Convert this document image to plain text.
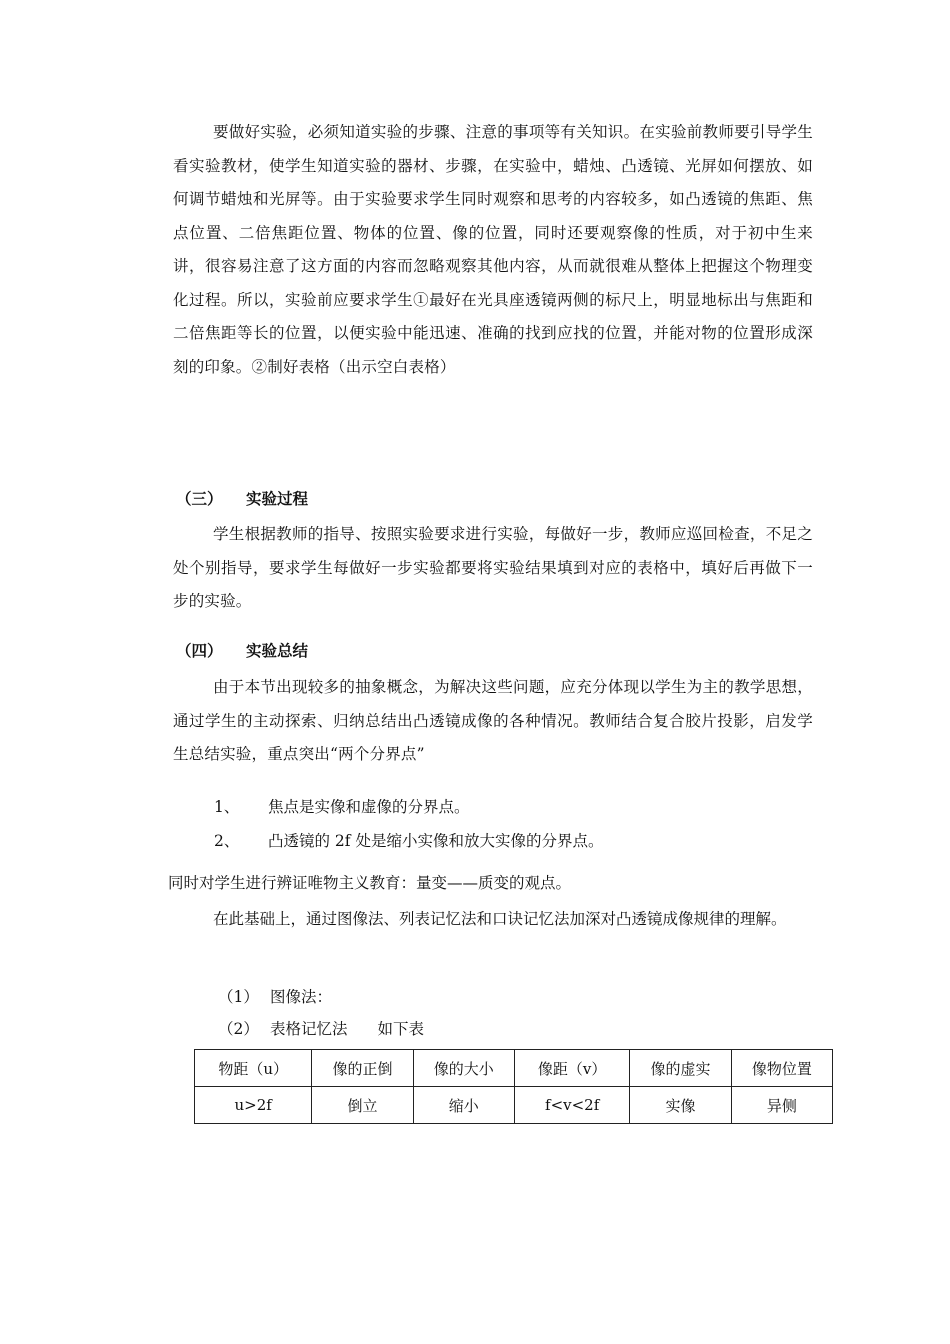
要做好实验，必须知道实验的步骤、注意的事项等有关知识。在实验前教师要引导学生看实验教材，使学生知道实验的器材、步骤，在实验中，蜡烛、凸透镜、光屏如何摆放、如何调节蜡烛和光屏等。由于实验要求学生同时观察和思考的内容较多，如凸透镜的焦距、焦点位置、二倍焦距位置、物体的位置、像的位置，同时还要观察像的性质，对于初中生来讲，很容易注意了这方面的内容而忽略观察其他内容，从而就很难从整体上把握这个物理变化过程。所以，实验前应要求学生①最好在光具座透镜两侧的标尺上，明显地标出与焦距和二倍焦距等长的位置，以便实验中能迅速、准确的找到应找的位置，并能对物的位置形成深刻的印象。②制好表格（出示空白表格）

（三） 实验过程

学生根据教师的指导、按照实验要求进行实验，每做好一步，教师应巡回检查，不足之处个别指导，要求学生每做好一步实验都要将实验结果填到对应的表格中，填好后再做下一步的实验。

（四） 实验总结

由于本节出现较多的抽象概念，为解决这些问题，应充分体现以学生为主的教学思想，通过学生的主动探索、归纳总结出凸透镜成像的各种情况。教师结合复合胶片投影，启发学生总结实验，重点突出“两个分界点”

1、 焦点是实像和虚像的分界点。
2、 凸透镜的 2f 处是缩小实像和放大实像的分界点。
同时对学生进行辨证唯物主义教育：量变——质变的观点。

在此基础上，通过图像法、列表记忆法和口诀记忆法加深对凸透镜成像规律的理解。

（1） 图像法：
（2） 表格记忆法 如下表
物距（u）	像的正倒	像的大小	像距（v）	像的虚实	像物位置
u>2f	倒立	缩小	f<v<2f	实像	异侧
